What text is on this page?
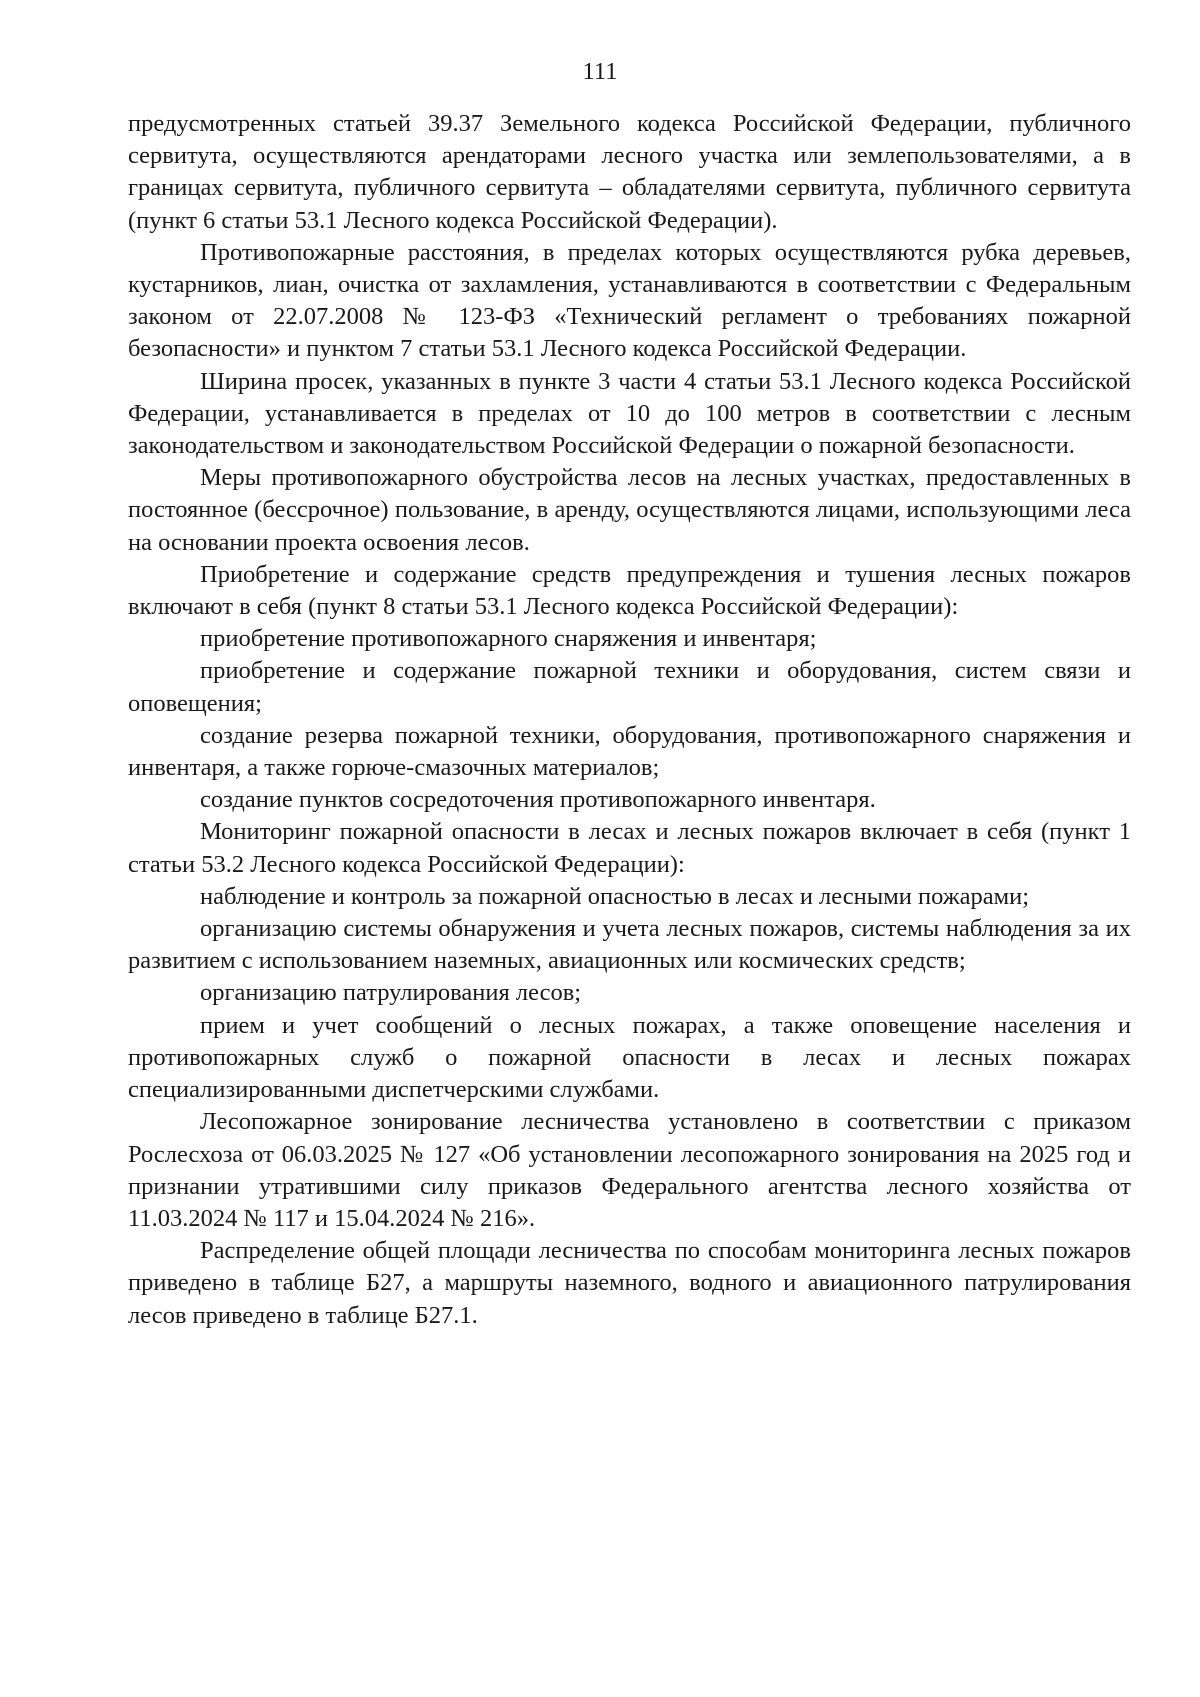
111

предусмотренных статьей 39.37 Земельного кодекса Российской Федерации, публичного сервитута, осуществляются арендаторами лесного участка или землепользователями, а в границах сервитута, публичного сервитута – обладателями сервитута, публичного сервитута (пункт 6 статьи 53.1 Лесного кодекса Российской Федерации).

Противопожарные расстояния, в пределах которых осуществляются рубка деревьев, кустарников, лиан, очистка от захламления, устанавливаются в соответствии с Федеральным законом от 22.07.2008 № 123-ФЗ «Технический регламент о требованиях пожарной безопасности» и пунктом 7 статьи 53.1 Лесного кодекса Российской Федерации.

Ширина просек, указанных в пункте 3 части 4 статьи 53.1 Лесного кодекса Российской Федерации, устанавливается в пределах от 10 до 100 метров в соответствии с лесным законодательством и законодательством Российской Федерации о пожарной безопасности.

Меры противопожарного обустройства лесов на лесных участках, предоставленных в постоянное (бессрочное) пользование, в аренду, осуществляются лицами, использующими леса на основании проекта освоения лесов.

Приобретение и содержание средств предупреждения и тушения лесных пожаров включают в себя (пункт 8 статьи 53.1 Лесного кодекса Российской Федерации):

приобретение противопожарного снаряжения и инвентаря;

приобретение и содержание пожарной техники и оборудования, систем связи и оповещения;

создание резерва пожарной техники, оборудования, противопожарного снаряжения и инвентаря, а также горюче-смазочных материалов;

создание пунктов сосредоточения противопожарного инвентаря.

Мониторинг пожарной опасности в лесах и лесных пожаров включает в себя (пункт 1 статьи 53.2 Лесного кодекса Российской Федерации):

наблюдение и контроль за пожарной опасностью в лесах и лесными пожарами;

организацию системы обнаружения и учета лесных пожаров, системы наблюдения за их развитием с использованием наземных, авиационных или космических средств;

организацию патрулирования лесов;

прием и учет сообщений о лесных пожарах, а также оповещение населения и противопожарных служб о пожарной опасности в лесах и лесных пожарах специализированными диспетчерскими службами.

Лесопожарное зонирование лесничества установлено в соответствии с приказом Рослесхоза от 06.03.2025 № 127 «Об установлении лесопожарного зонирования на 2025 год и признании утратившими силу приказов Федерального агентства лесного хозяйства от 11.03.2024 № 117 и 15.04.2024 № 216».

Распределение общей площади лесничества по способам мониторинга лесных пожаров приведено в таблице Б27, а маршруты наземного, водного и авиационного патрулирования лесов приведено в таблице Б27.1.
